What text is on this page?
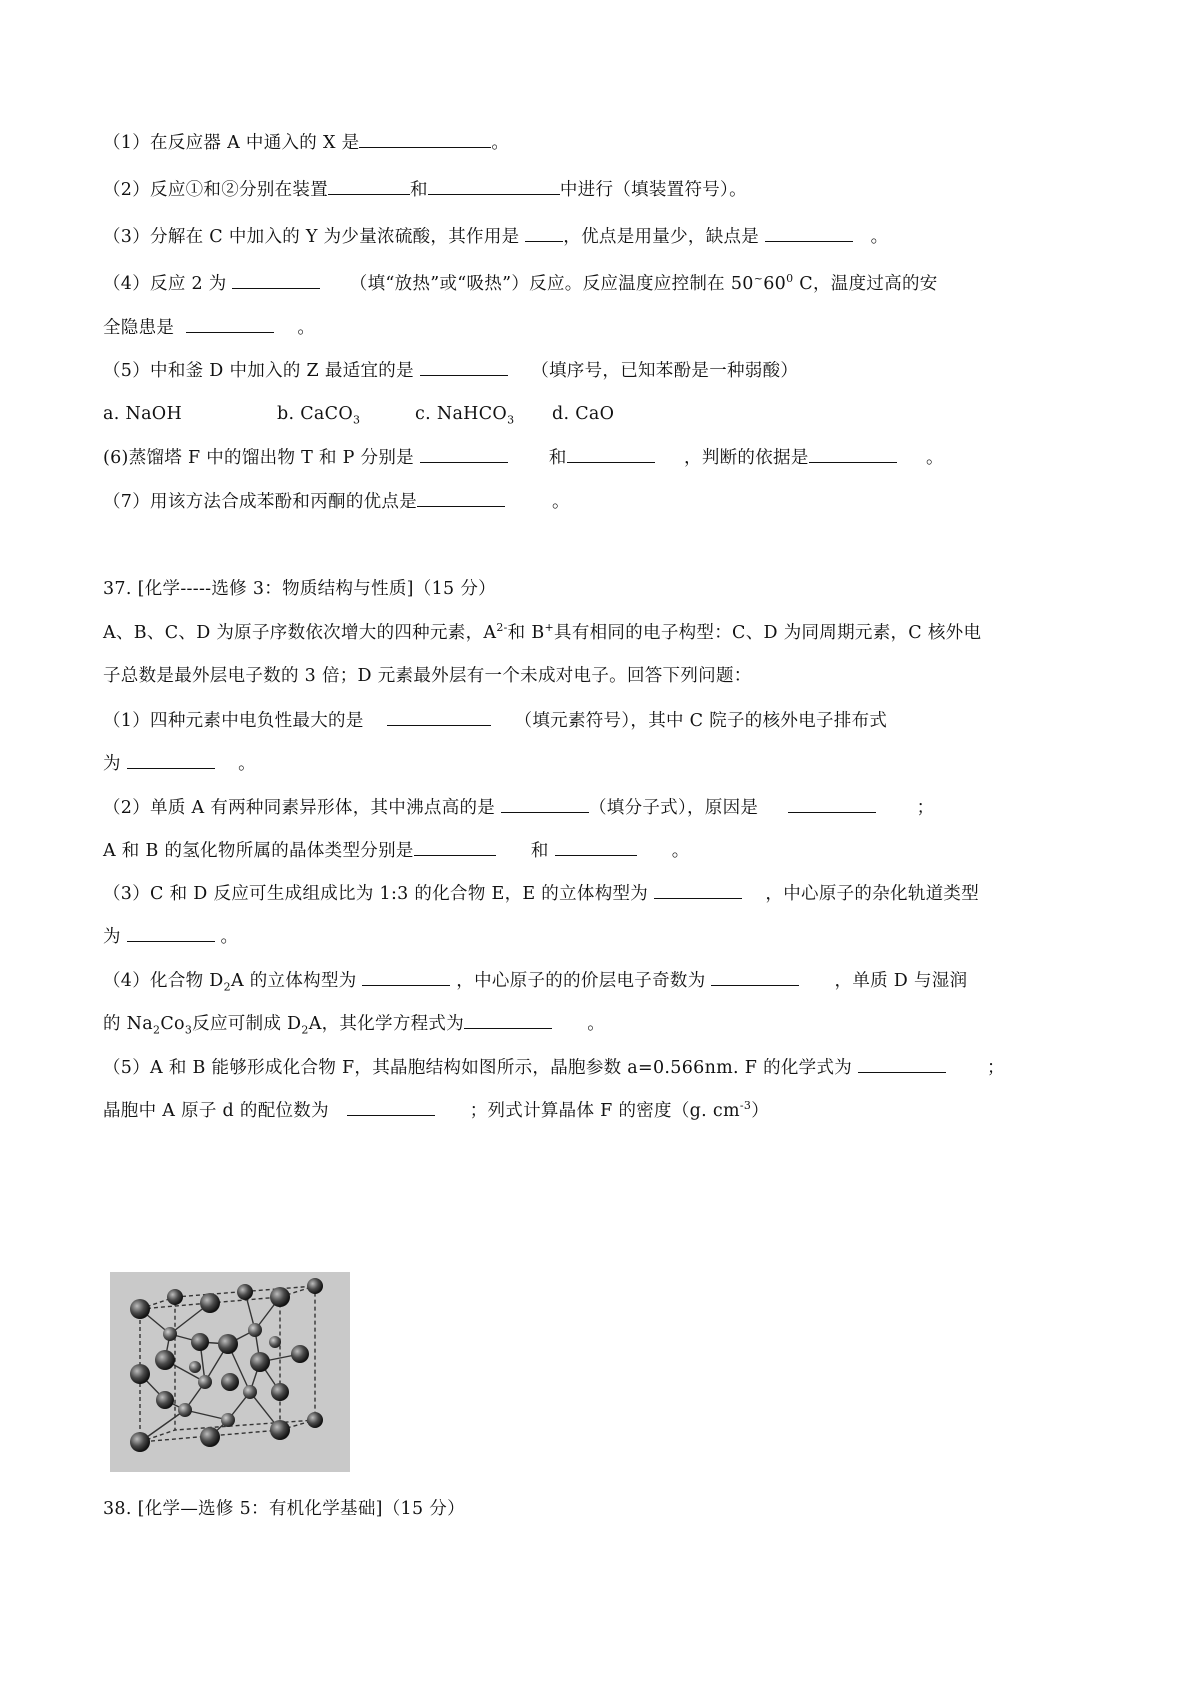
（1）在反应器 A 中通入的 X 是	。
（2）反应①和②分别在装置	和	中进行（填装置符号）。
（3）分解在 C 中加入的 Y 为少量浓硫酸，其作用是 ，优点是用量少，缺点是	。
（4）反应 2 为	（填“放热”或“吸热”）反应。反应温度应控制在 $50^\sim 60^0$ C，温度过高的安
全隐患是	。
（5）中和釜 D 中加入的 Z 最适宜的是	（填序号，已知苯酚是一种弱酸）
a. NaOH	b. CaCO$_3$	c. NaHCO$_3$ d. CaO
(6)蒸馏塔 F 中的馏出物 T 和 P 分别是	和	，判断的依据是	。
（7）用该方法合成苯酚和丙酮的优点是	。
37. [化学-----选修 3：物质结构与性质]（15 分）
A、B、C、D 为原子序数依次增大的四种元素，$A^{2-}$和 B+具有相同的电子构型：C、D 为同周期元素，C 核外电
子总数是最外层电子数的 3 倍；D 元素最外层有一个未成对电子。回答下列问题：
（1）四种元素中电负性最大的是	（填元素符号），其中 C 院子的核外电子排布式
为	。
（2）单质 A 有两种同素异形体，其中沸点高的是	（填分子式），原因是	；
A 和 B 的氢化物所属的晶体类型分别是	和	。
（3）C 和 D 反应可生成组成比为 1:3 的化合物 E，E 的立体构型为	，中心原子的杂化轨道类型
为	。
（4）化合物 $D_2A$ 的立体构型为	，中心原子的的价层电子奇数为	，单质 D 与湿润
的 $Na_2Co_3$反应可制成 $D_2A$，其化学方程式为	。
（5）A 和 B 能够形成化合物 F，其晶胞结构如图所示，晶胞参数 a=0.566nm. F 的化学式为	；
晶胞中 A 原子 d 的配位数为	；列式计算晶体 F 的密度（g. $cm^{-3}$）
38. [化学—选修 5：有机化学基础]（15 分）
